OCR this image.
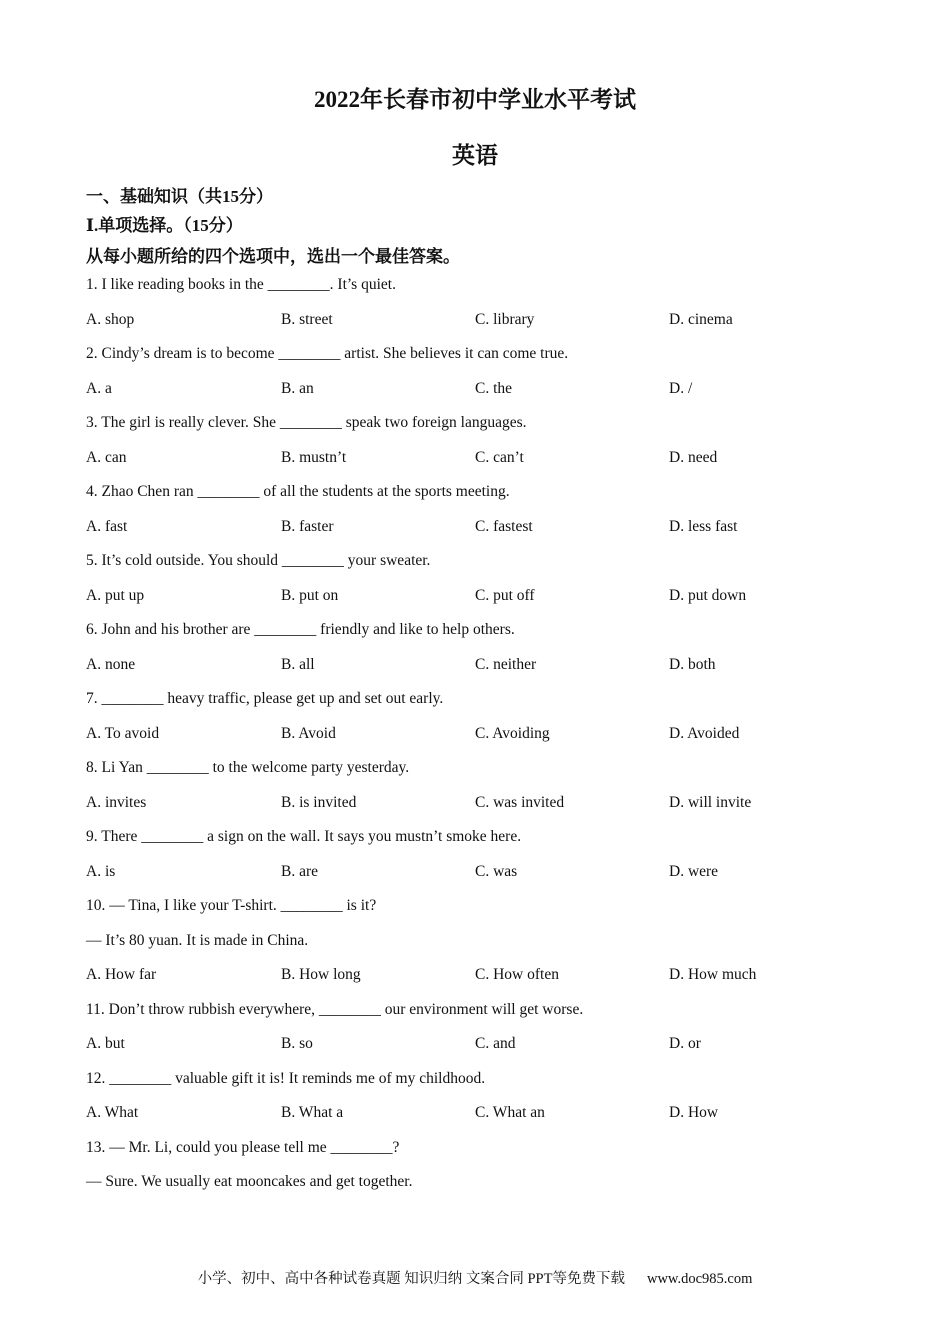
2022年长春市初中学业水平考试
英语
一、基础知识（共15分）
Ⅰ.单项选择。（15分）
从每小题所给的四个选项中，选出一个最佳答案。
1. I like reading books in the ________. It’s quiet.
A. shop	B. street	C. library	D. cinema
2. Cindy’s dream is to become ________ artist. She believes it can come true.
A. a	B. an	C. the	D. /
3. The girl is really clever. She ________ speak two foreign languages.
A. can	B. mustn’t	C. can’t	D. need
4. Zhao Chen ran ________ of all the students at the sports meeting.
A. fast	B. faster	C. fastest	D. less fast
5. It’s cold outside. You should ________ your sweater.
A. put up	B. put on	C. put off	D. put down
6. John and his brother are ________ friendly and like to help others.
A. none	B. all	C. neither	D. both
7. ________ heavy traffic, please get up and set out early.
A. To avoid	B. Avoid	C. Avoiding	D. Avoided
8. Li Yan ________ to the welcome party yesterday.
A. invites	B. is invited	C. was invited	D. will invite
9. There ________ a sign on the wall. It says you mustn’t smoke here.
A. is	B. are	C. was	D. were
10. — Tina, I like your T-shirt. ________ is it?
— It’s 80 yuan. It is made in China.
A. How far	B. How long	C. How often	D. How much
11. Don’t throw rubbish everywhere, ________ our environment will get worse.
A. but	B. so	C. and	D. or
12. ________ valuable gift it is! It reminds me of my childhood.
A. What	B. What a	C. What an	D. How
13. — Mr. Li, could you please tell me ________?
— Sure. We usually eat mooncakes and get together.
小学、初中、高中各种试卷真题 知识归纳 文案合同 PPT等免费下载 www.doc985.com
